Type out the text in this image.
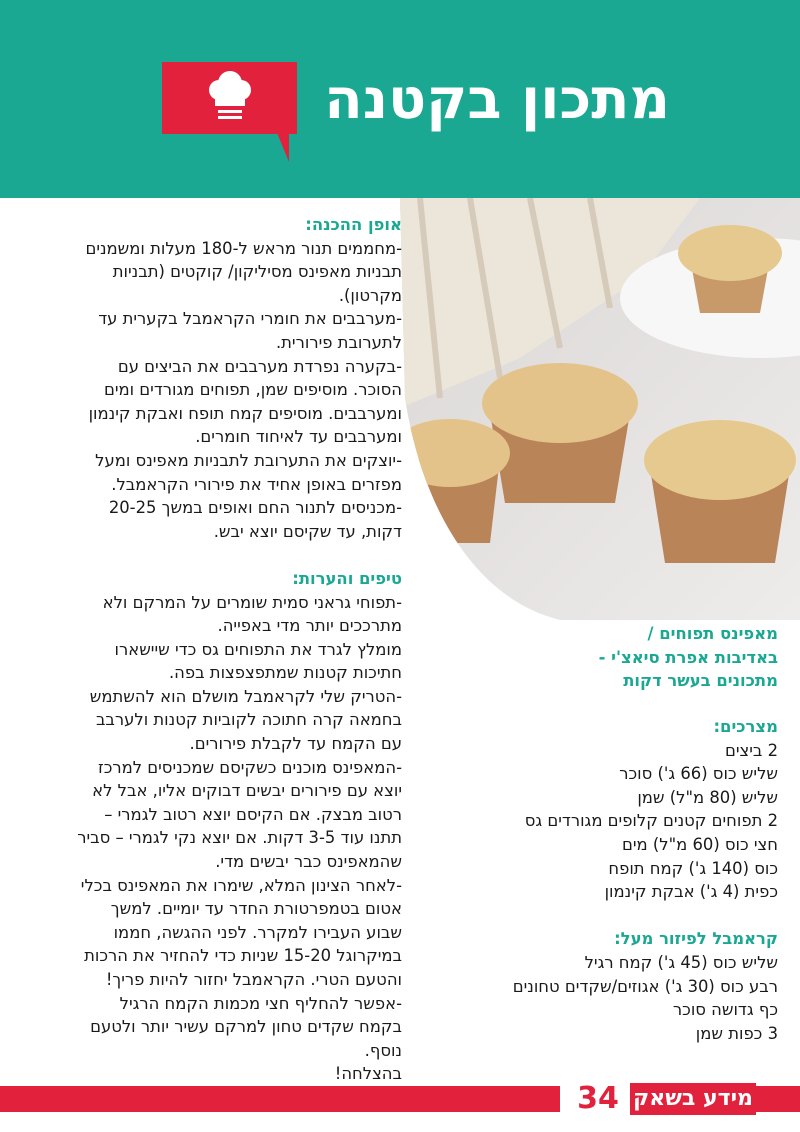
מתכון בקטנה
אופן ההכנה:
-מחממים תנור מראש ל-180 מעלות ומשמנים
תבניות מאפינס מסיליקון/ קוקטים (תבניות
מקרטון).
-מערבבים את חומרי הקראמבל בקערית עד
לתערובת פירורית.
-בקערה נפרדת מערבבים את הביצים עם
הסוכר. מוסיפים שמן, תפוחים מגורדים ומים
ומערבבים. מוסיפים קמח תופח ואבקת קינמון
ומערבבים עד לאיחוד חומרים.
-יוצקים את התערובת לתבניות מאפינס ומעל
מפזרים באופן אחיד את פירורי הקראמבל.
-מכניסים לתנור החם ואופים במשך 20-25
דקות, עד שקיסם יוצא יבש.
טיפים והערות:
-תפוחי גראני סמית שומרים על המרקם ולא
מתרככים יותר מדי באפייה.
מומלץ לגרד את התפוחים גס כדי שיישארו
חתיכות קטנות שמתפצפצות בפה.
-הטריק שלי לקראמבל מושלם הוא להשתמש
בחמאה קרה חתוכה לקוביות קטנות ולערבב
עם הקמח עד לקבלת פירורים.
-המאפינס מוכנים כשקיסם שמכניסים למרכז
יוצא עם פירורים יבשים דבוקים אליו, אבל לא
רטוב מבצק. אם הקיסם יוצא רטוב לגמרי –
תתנו עוד 3-5 דקות. אם יוצא נקי לגמרי – סביר
שהמאפינס כבר יבשים מדי.
-לאחר הצינון המלא, שימרו את המאפינס בכלי
אטום בטמפרטורת החדר עד יומיים. למשך
שבוע העבירו למקרר. לפני ההגשה, חממו
במיקרוגל 15-20 שניות כדי להחזיר את הרכות
והטעם הטרי. הקראמבל יחזור להיות פריך!
-אפשר להחליף חצי מכמות הקמח הרגיל
בקמח שקדים טחון למרקם עשיר יותר ולטעם
נוסף.
בהצלחה!
מאפינס תפוחים /
באדיבות אפרת סיאצ'י -
מתכונים בעשר דקות
מצרכים:
2 ביצים
שליש כוס (66 ג') סוכר
שליש (80 מ"ל) שמן
2 תפוחים קטנים קלופים מגורדים גס
חצי כוס (60 מ"ל) מים
כוס (140 ג') קמח תופח
כפית (4 ג') אבקת קינמון
קראמבל לפיזור מעל:
שליש כוס (45 ג') קמח רגיל
רבע כוס (30 ג') אגוזים/שקדים טחונים
כף גדושה סוכר
3 כפות שמן
מידע בשאק
34
